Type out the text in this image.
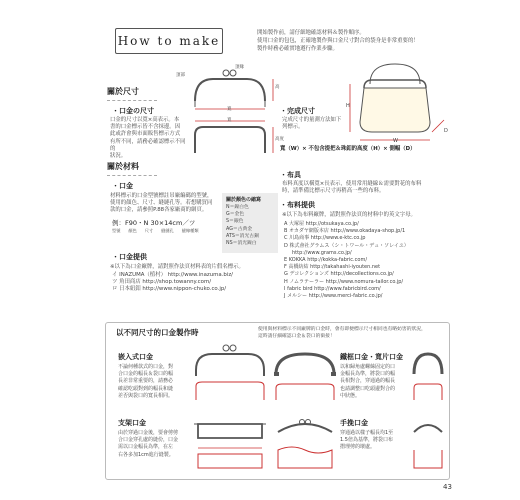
How to make
開始製作前，請仔細地確認材料＆製作順序。
使用口金的包包，正確地製作與口金尺寸對合的袋身是非常重要的！
製作時務必確實地遵行作業步驟。
關於尺寸
・口金の尺寸
口金的尺寸以寬×高表示。本
書的口金標示皆不含抹邊。因
此或許會與市面販售標示方式
有所不同，請務必確認標示不同的
狀況。
頂部
頂緣
高
寬
寬
高度
・完成尺寸
完成尺寸的量測方法如下
列標示。
H
W
D
寬（W）× 不包含提把＆珠釦的高度（H）× 側幅（D）
關於材料
・口金
材料標示的口金型號標註吊廠編碼的型號，
使用的顏色、尺寸、縫縫孔等。若想購買同
款的口金，請參照P.88各家廠商的網頁。
例：F90・N 30×14cm／ツ
型號 顏色 尺寸 縫縫孔 縫線種類
關於顏色の縮寫
N＝鎳白色
G＝金色
S＝銀色
AG＝古典金
ATS＝消光古銅
NS＝消光鎳白
・口金提供
※以下為口金廠牌，請對照作法頁材料表的片假名標示。
イ INAZUMA（植村） http://www.inazuma.biz/
ツ 角田商店 http://shop.towanny.com/
ロ 日本紐釦 http://www.nippon-chuko.co.jp/
・布具
布料真度以橫寬×長表示，使用常用縫線＆需要對花的布料
時，請準備比標示尺寸再稍高一些的布料。
・布料提供
※以下為布料廠牌，請對照作法頁的材料中的英文字母。
A 大塚屋 http://otsukaya.co.jp/
B オカダヤ網版本店 http://www.okadaya-shop.jp/1
C 川島商事 http://www.e-ktc.co.jp
D 株式會社グラムス（シ・トワール・デュ・ソレイユ）
http://www.grams.co.jp/
E KOKKA http://kokka-fabric.com/
F 高橋紡結 http://takahashi-iyouten.net
G デコレクションズ http://decollections.co.jp/
H ノムラテーラー http://www.nomura-tailor.co.jp/
I fabric bird http://www.fabricbird.com/
J メルシー http://www.merci-fabric.co.jp/
以不同尺寸的口金製作時	使用與材料標示不同廠牌的口金時，會有即便標示尺寸相同也有略妨害的狀況，
這時請仔細確認口金＆袋口的銜接！
嵌入式口金
不論何種款式的口金，對
合口金的幅長＆袋口的幅
長差非常重要的，請務必
確認吃頭對到的幅長和縫
差否與袋口的寬長相同。
鐵框口金・寬片口金
以和歸角處螺絲固定的口
金幅長為準，將袋口的幅
長相對合，穿通過的幅長
也請調整口吃頭邊對合的
中狀態。
支架口金
由於穿過口金後，要會剪剪
合口金穿孔處的縫份，口金
需以口金幅長為準，在左
右各多加1cm進行縫製。
手挽口金
穿通過以樣子幅長均1至
1.5倍為基準，將袋口布
摺理剪的壞處。
43
